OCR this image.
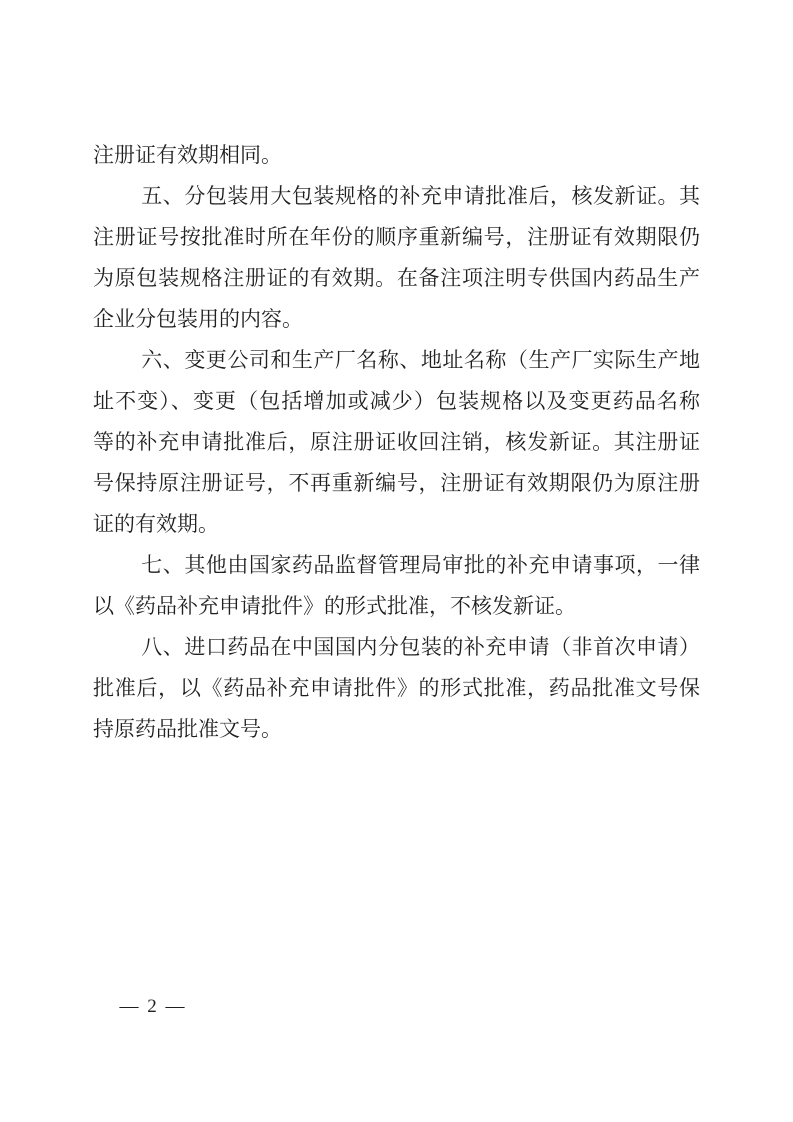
注册证有效期相同。
五、分包装用大包装规格的补充申请批准后，核发新证。其
注册证号按批准时所在年份的顺序重新编号，注册证有效期限仍
为原包装规格注册证的有效期。在备注项注明专供国内药品生产
企业分包装用的内容。
六、变更公司和生产厂名称、地址名称（生产厂实际生产地
址不变）、变更（包括增加或减少）包装规格以及变更药品名称
等的补充申请批准后，原注册证收回注销，核发新证。其注册证
号保持原注册证号，不再重新编号，注册证有效期限仍为原注册
证的有效期。
七、其他由国家药品监督管理局审批的补充申请事项，一律
以《药品补充申请批件》的形式批准，不核发新证。
八、进口药品在中国国内分包装的补充申请（非首次申请）
批准后，以《药品补充申请批件》的形式批准，药品批准文号保
持原药品批准文号。
— 2 —
